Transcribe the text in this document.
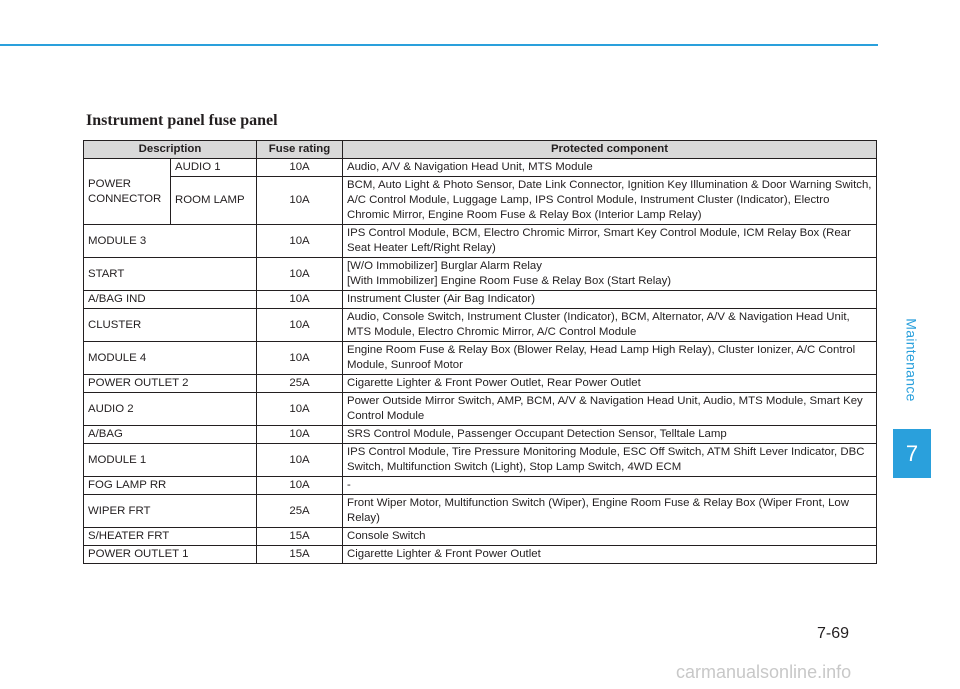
Maintenance
7
Instrument panel fuse panel
Description		Fuse rating	Protected component
POWER CONNECTOR	AUDIO 1	10A	Audio, A/V & Navigation Head Unit, MTS Module
	ROOM LAMP	10A	BCM, Auto Light & Photo Sensor, Date Link Connector, Ignition Key Illumination & Door Warning Switch, A/C Control Module, Luggage Lamp, IPS Control Module, Instrument Cluster (Indicator), Electro Chromic Mirror, Engine Room Fuse & Relay Box (Interior Lamp Relay)
MODULE 3		10A	IPS Control Module, BCM, Electro Chromic Mirror, Smart Key Control Module, ICM Relay Box (Rear Seat Heater Left/Right Relay)
START		10A	[W/O Immobilizer] Burglar Alarm Relay
[With Immobilizer] Engine Room Fuse & Relay Box (Start Relay)

A/BAG IND		10A	Instrument Cluster (Air Bag Indicator)
CLUSTER		10A	Audio, Console Switch, Instrument Cluster (Indicator), BCM, Alternator, A/V & Navigation Head Unit, MTS Module, Electro Chromic Mirror, A/C Control Module
MODULE 4		10A	Engine Room Fuse & Relay Box (Blower Relay, Head Lamp High Relay), Cluster Ionizer, A/C Control Module, Sunroof Motor
POWER OUTLET 2		25A	Cigarette Lighter & Front Power Outlet, Rear Power Outlet
AUDIO 2		10A	Power Outside Mirror Switch, AMP, BCM, A/V & Navigation Head Unit, Audio, MTS Module, Smart Key Control Module
A/BAG		10A	SRS Control Module, Passenger Occupant Detection Sensor, Telltale Lamp
MODULE 1		10A	IPS Control Module, Tire Pressure Monitoring Module, ESC Off Switch, ATM Shift Lever Indicator, DBC Switch, Multifunction Switch (Light), Stop Lamp Switch, 4WD ECM
FOG LAMP RR		10A	-
WIPER FRT		25A	Front Wiper Motor, Multifunction Switch (Wiper), Engine Room Fuse & Relay Box (Wiper Front, Low Relay)
S/HEATER FRT		15A	Console Switch
POWER OUTLET 1		15A	Cigarette Lighter & Front Power Outlet
7-69
carmanualsonline.info
